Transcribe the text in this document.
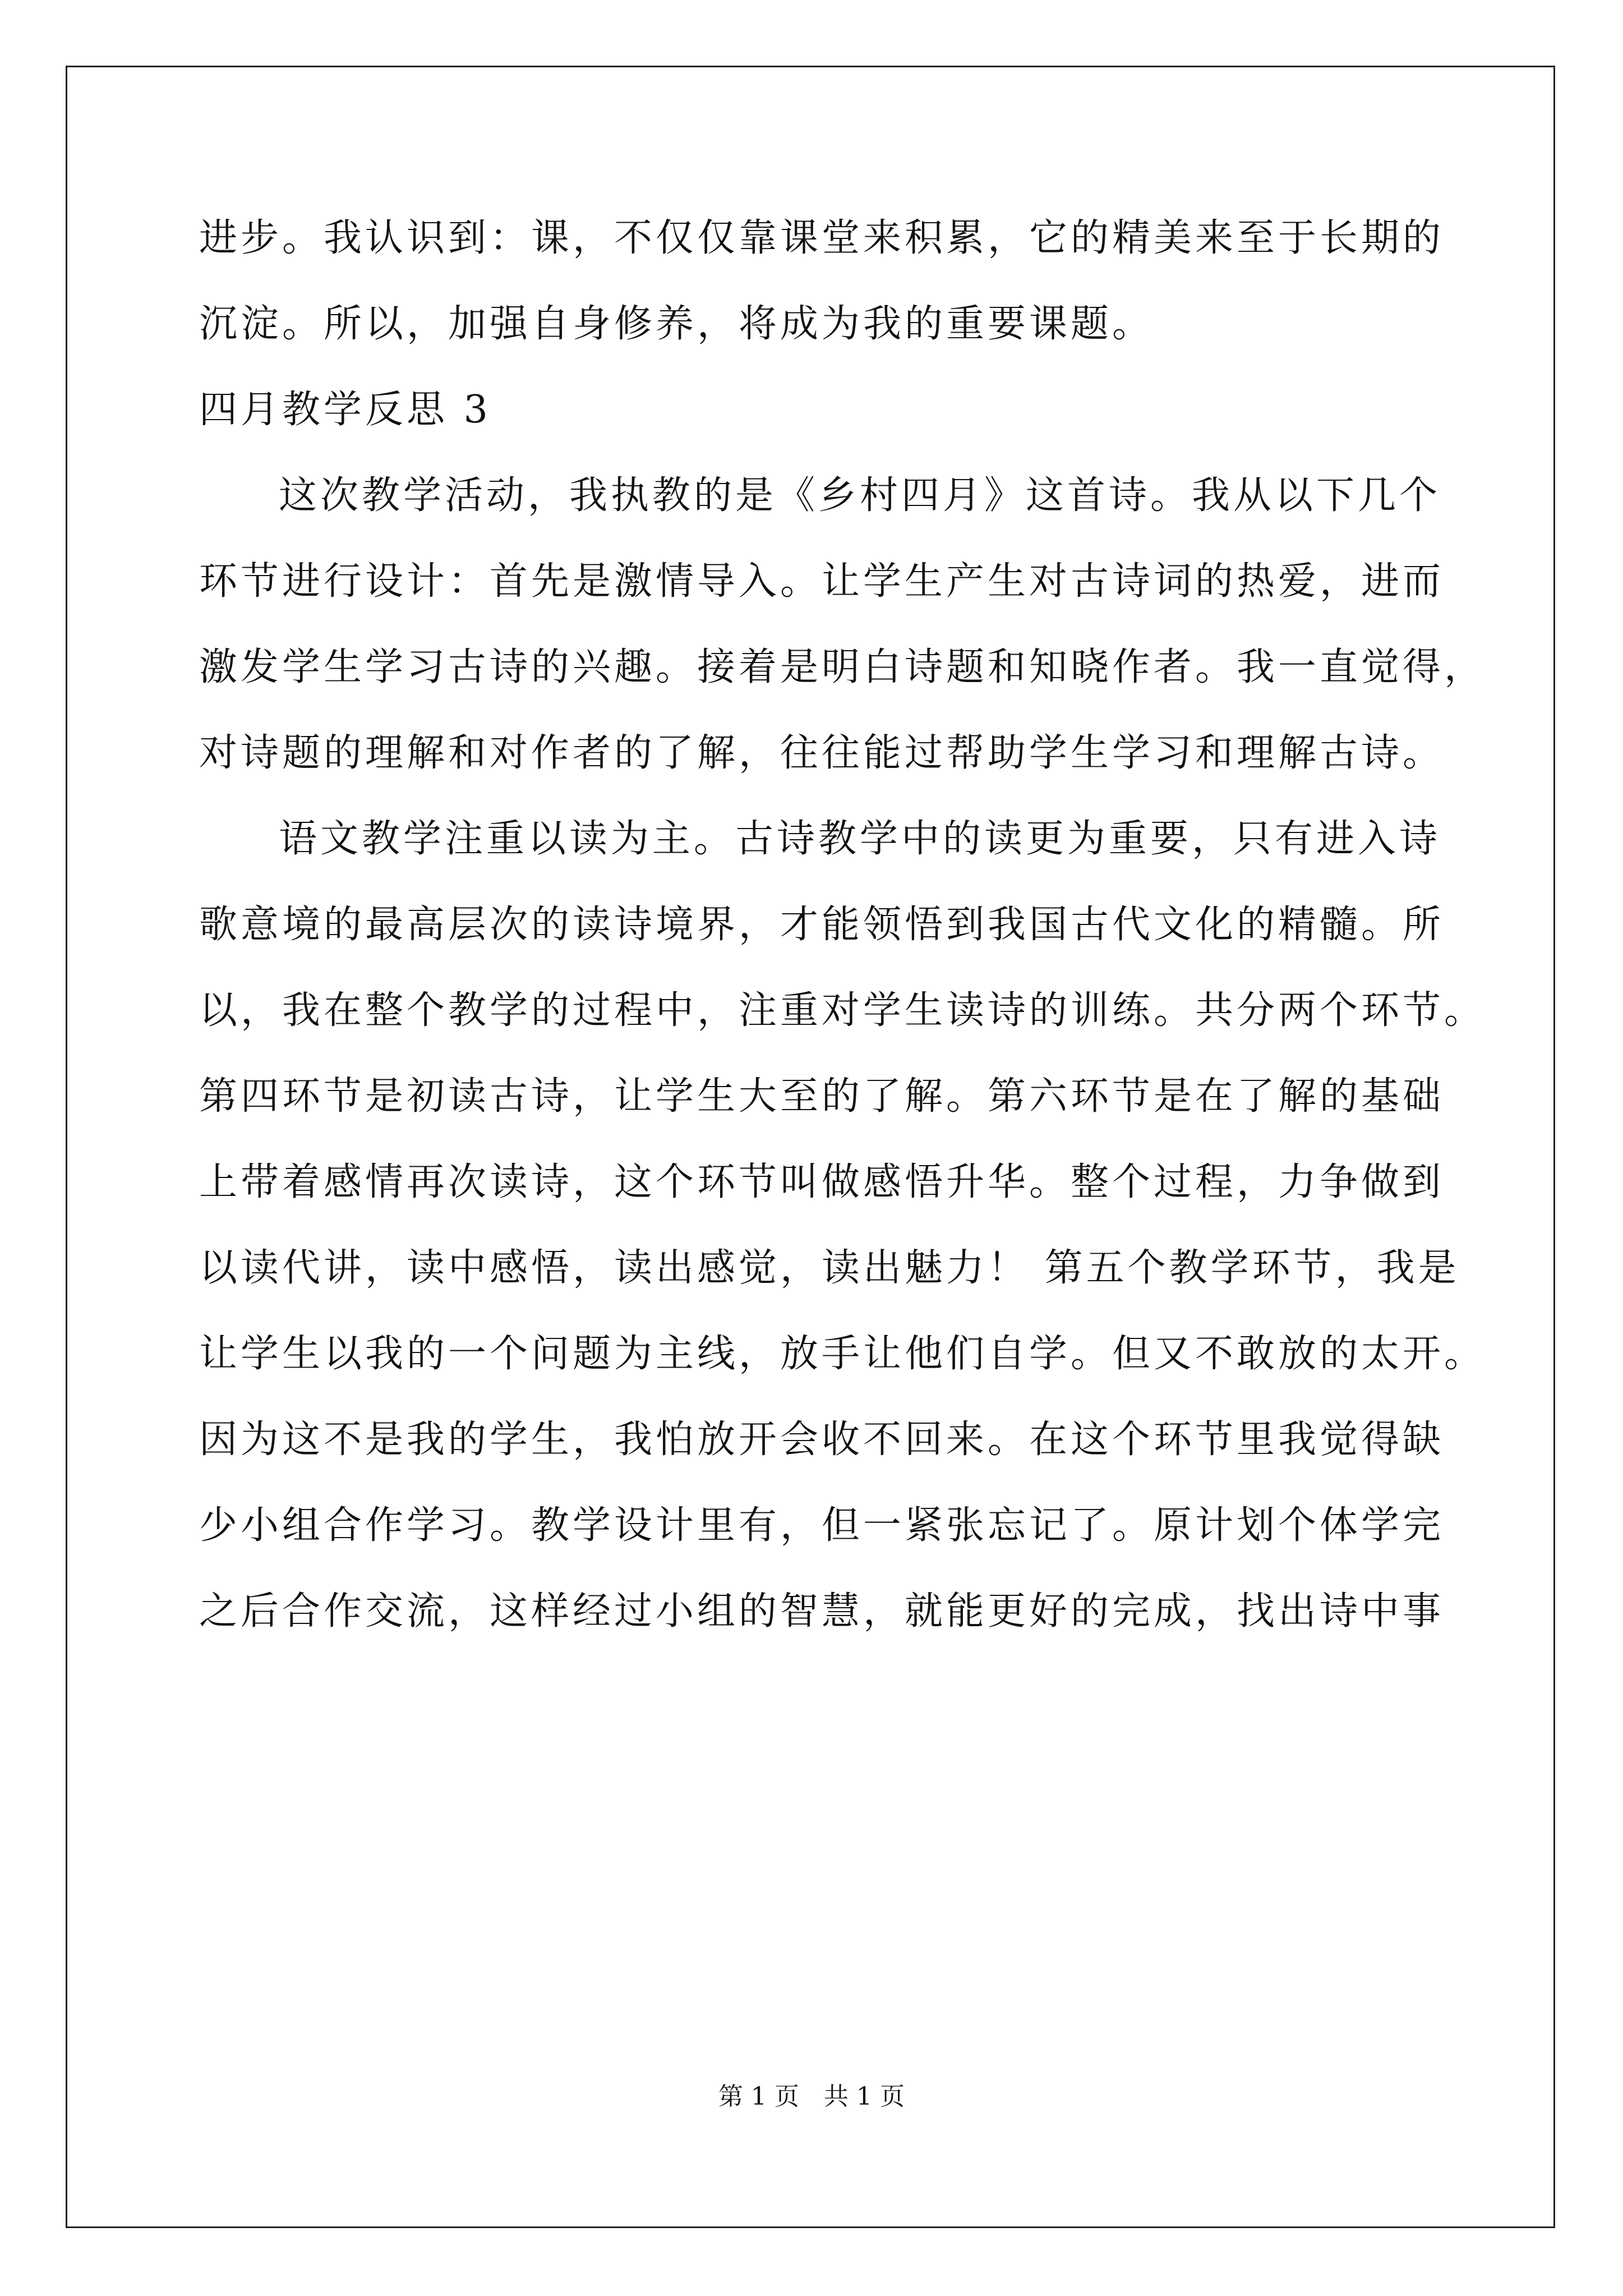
进步。我认识到：课，不仅仅靠课堂来积累，它的精美来至于长期的
沉淀。所以，加强自身修养，将成为我的重要课题。
四月教学反思 3
这次教学活动，我执教的是《乡村四月》这首诗。我从以下几个
环节进行设计：首先是激情导入。让学生产生对古诗词的热爱，进而
激发学生学习古诗的兴趣。接着是明白诗题和知晓作者。我一直觉得，
对诗题的理解和对作者的了解，往往能过帮助学生学习和理解古诗。
语文教学注重以读为主。古诗教学中的读更为重要，只有进入诗
歌意境的最高层次的读诗境界，才能领悟到我国古代文化的精髓。所
以，我在整个教学的过程中，注重对学生读诗的训练。共分两个环节。
第四环节是初读古诗，让学生大至的了解。第六环节是在了解的基础
上带着感情再次读诗，这个环节叫做感悟升华。整个过程，力争做到
以读代讲，读中感悟，读出感觉，读出魅力！ 第五个教学环节，我是
让学生以我的一个问题为主线，放手让他们自学。但又不敢放的太开。
因为这不是我的学生，我怕放开会收不回来。在这个环节里我觉得缺
少小组合作学习。教学设计里有，但一紧张忘记了。原计划个体学完
之后合作交流，这样经过小组的智慧，就能更好的完成，找出诗中事
第 1 页　共 1 页
